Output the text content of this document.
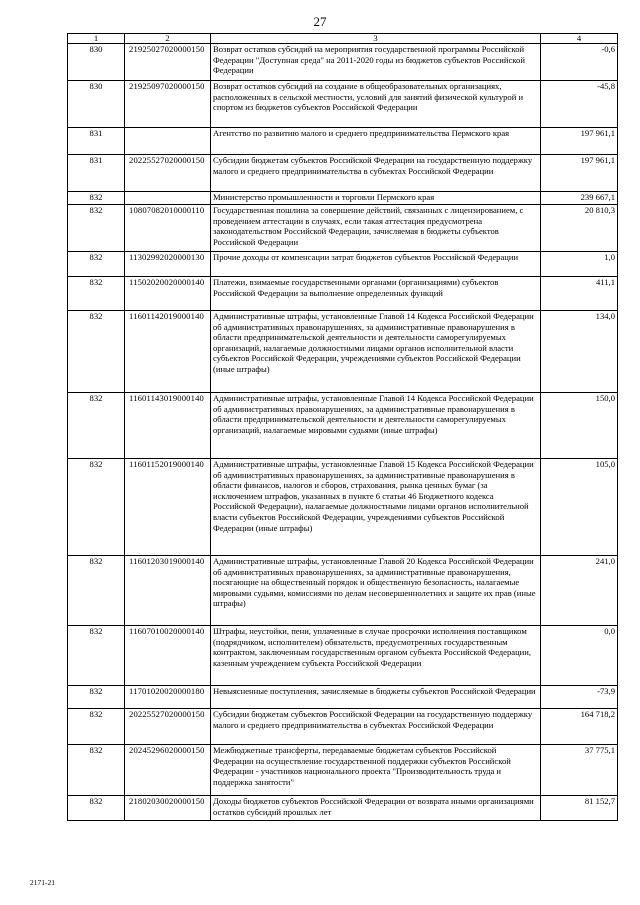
27
1	2	3	4
830	21925027020000150	Возврат остатков субсидий на мероприятия государственной программы Российской Федерации "Доступная среда" на 2011-2020 годы из бюджетов субъектов Российской Федерации	-0,6
830	21925097020000150	Возврат остатков субсидий на создание в общеобразовательных организациях, расположенных в сельской местности, условий для занятий физической культурой и спортом из бюджетов субъектов Российской Федерации	-45,8
831		Агентство по развитию малого и среднего предпринимательства Пермского края	197 961,1
831	20225527020000150	Субсидии бюджетам субъектов Российской Федерации на государственную поддержку малого и среднего предпринимательства в субъектах Российской Федерации	197 961,1
832		Министерство промышленности и торговли Пермского края	239 667,1
832	10807082010000110	Государственная пошлина за совершение действий, связанных с лицензированием, с проведением аттестации в случаях, если такая аттестация предусмотрена законодательством Российской Федерации, зачисляемая в бюджеты субъектов Российской Федерации	20 810,3
832	11302992020000130	Прочие доходы от компенсации затрат бюджетов субъектов Российской Федерации	1,0
832	11502020020000140	Платежи, взимаемые государственными органами (организациями) субъектов Российской Федерации за выполнение определенных функций	411,1
832	11601142019000140	Административные штрафы, установленные Главой 14 Кодекса Российской Федерации об административных правонарушениях, за административные правонарушения в области предпринимательской деятельности и деятельности саморегулируемых организаций, налагаемые должностными лицами органов исполнительной власти субъектов Российской Федерации, учреждениями субъектов Российской Федерации (иные штрафы)	134,0
832	11601143019000140	Административные штрафы, установленные Главой 14 Кодекса Российской Федерации об административных правонарушениях, за административные правонарушения в области предпринимательской деятельности и деятельности саморегулируемых организаций, налагаемые мировыми судьями (иные штрафы)	150,0
832	11601152019000140	Административные штрафы, установленные Главой 15 Кодекса Российской Федерации об административных правонарушениях, за административные правонарушения в области финансов, налогов и сборов, страхования, рынка ценных бумаг (за исключением штрафов, указанных в пункте 6 статьи 46 Бюджетного кодекса Российской Федерации), налагаемые должностными лицами органов исполнительной власти субъектов Российской Федерации, учреждениями субъектов Российской Федерации (иные штрафы)	105,0
832	11601203019000140	Административные штрафы, установленные Главой 20 Кодекса Российской Федерации об административных правонарушениях, за административные правонарушения, посягающие на общественный порядок и общественную безопасность, налагаемые мировыми судьями, комиссиями по делам несовершеннолетних и защите их прав (иные штрафы)	241,0
832	11607010020000140	Штрафы, неустойки, пени, уплаченные в случае просрочки исполнения поставщиком (подрядчиком, исполнителем) обязательств, предусмотренных государственным контрактом, заключенным государственным органом субъекта Российской Федерации, казенным учреждением субъекта Российской Федерации	0,0
832	11701020020000180	Невыясненные поступления, зачисляемые в бюджеты субъектов Российской Федерации	-73,9
832	20225527020000150	Субсидии бюджетам субъектов Российской Федерации на государственную поддержку малого и среднего предпринимательства в субъектах Российской Федерации	164 718,2
832	20245296020000150	Межбюджетные трансферты, передаваемые бюджетам субъектов Российской Федерации на осуществление государственной поддержки субъектов Российской Федерации - участников национального проекта "Производительность труда и поддержка занятости"	37 775,1
832	21802030020000150	Доходы бюджетов субъектов Российской Федерации от возврата иными организациями остатков субсидий прошлых лет	81 152,7
2171-21
